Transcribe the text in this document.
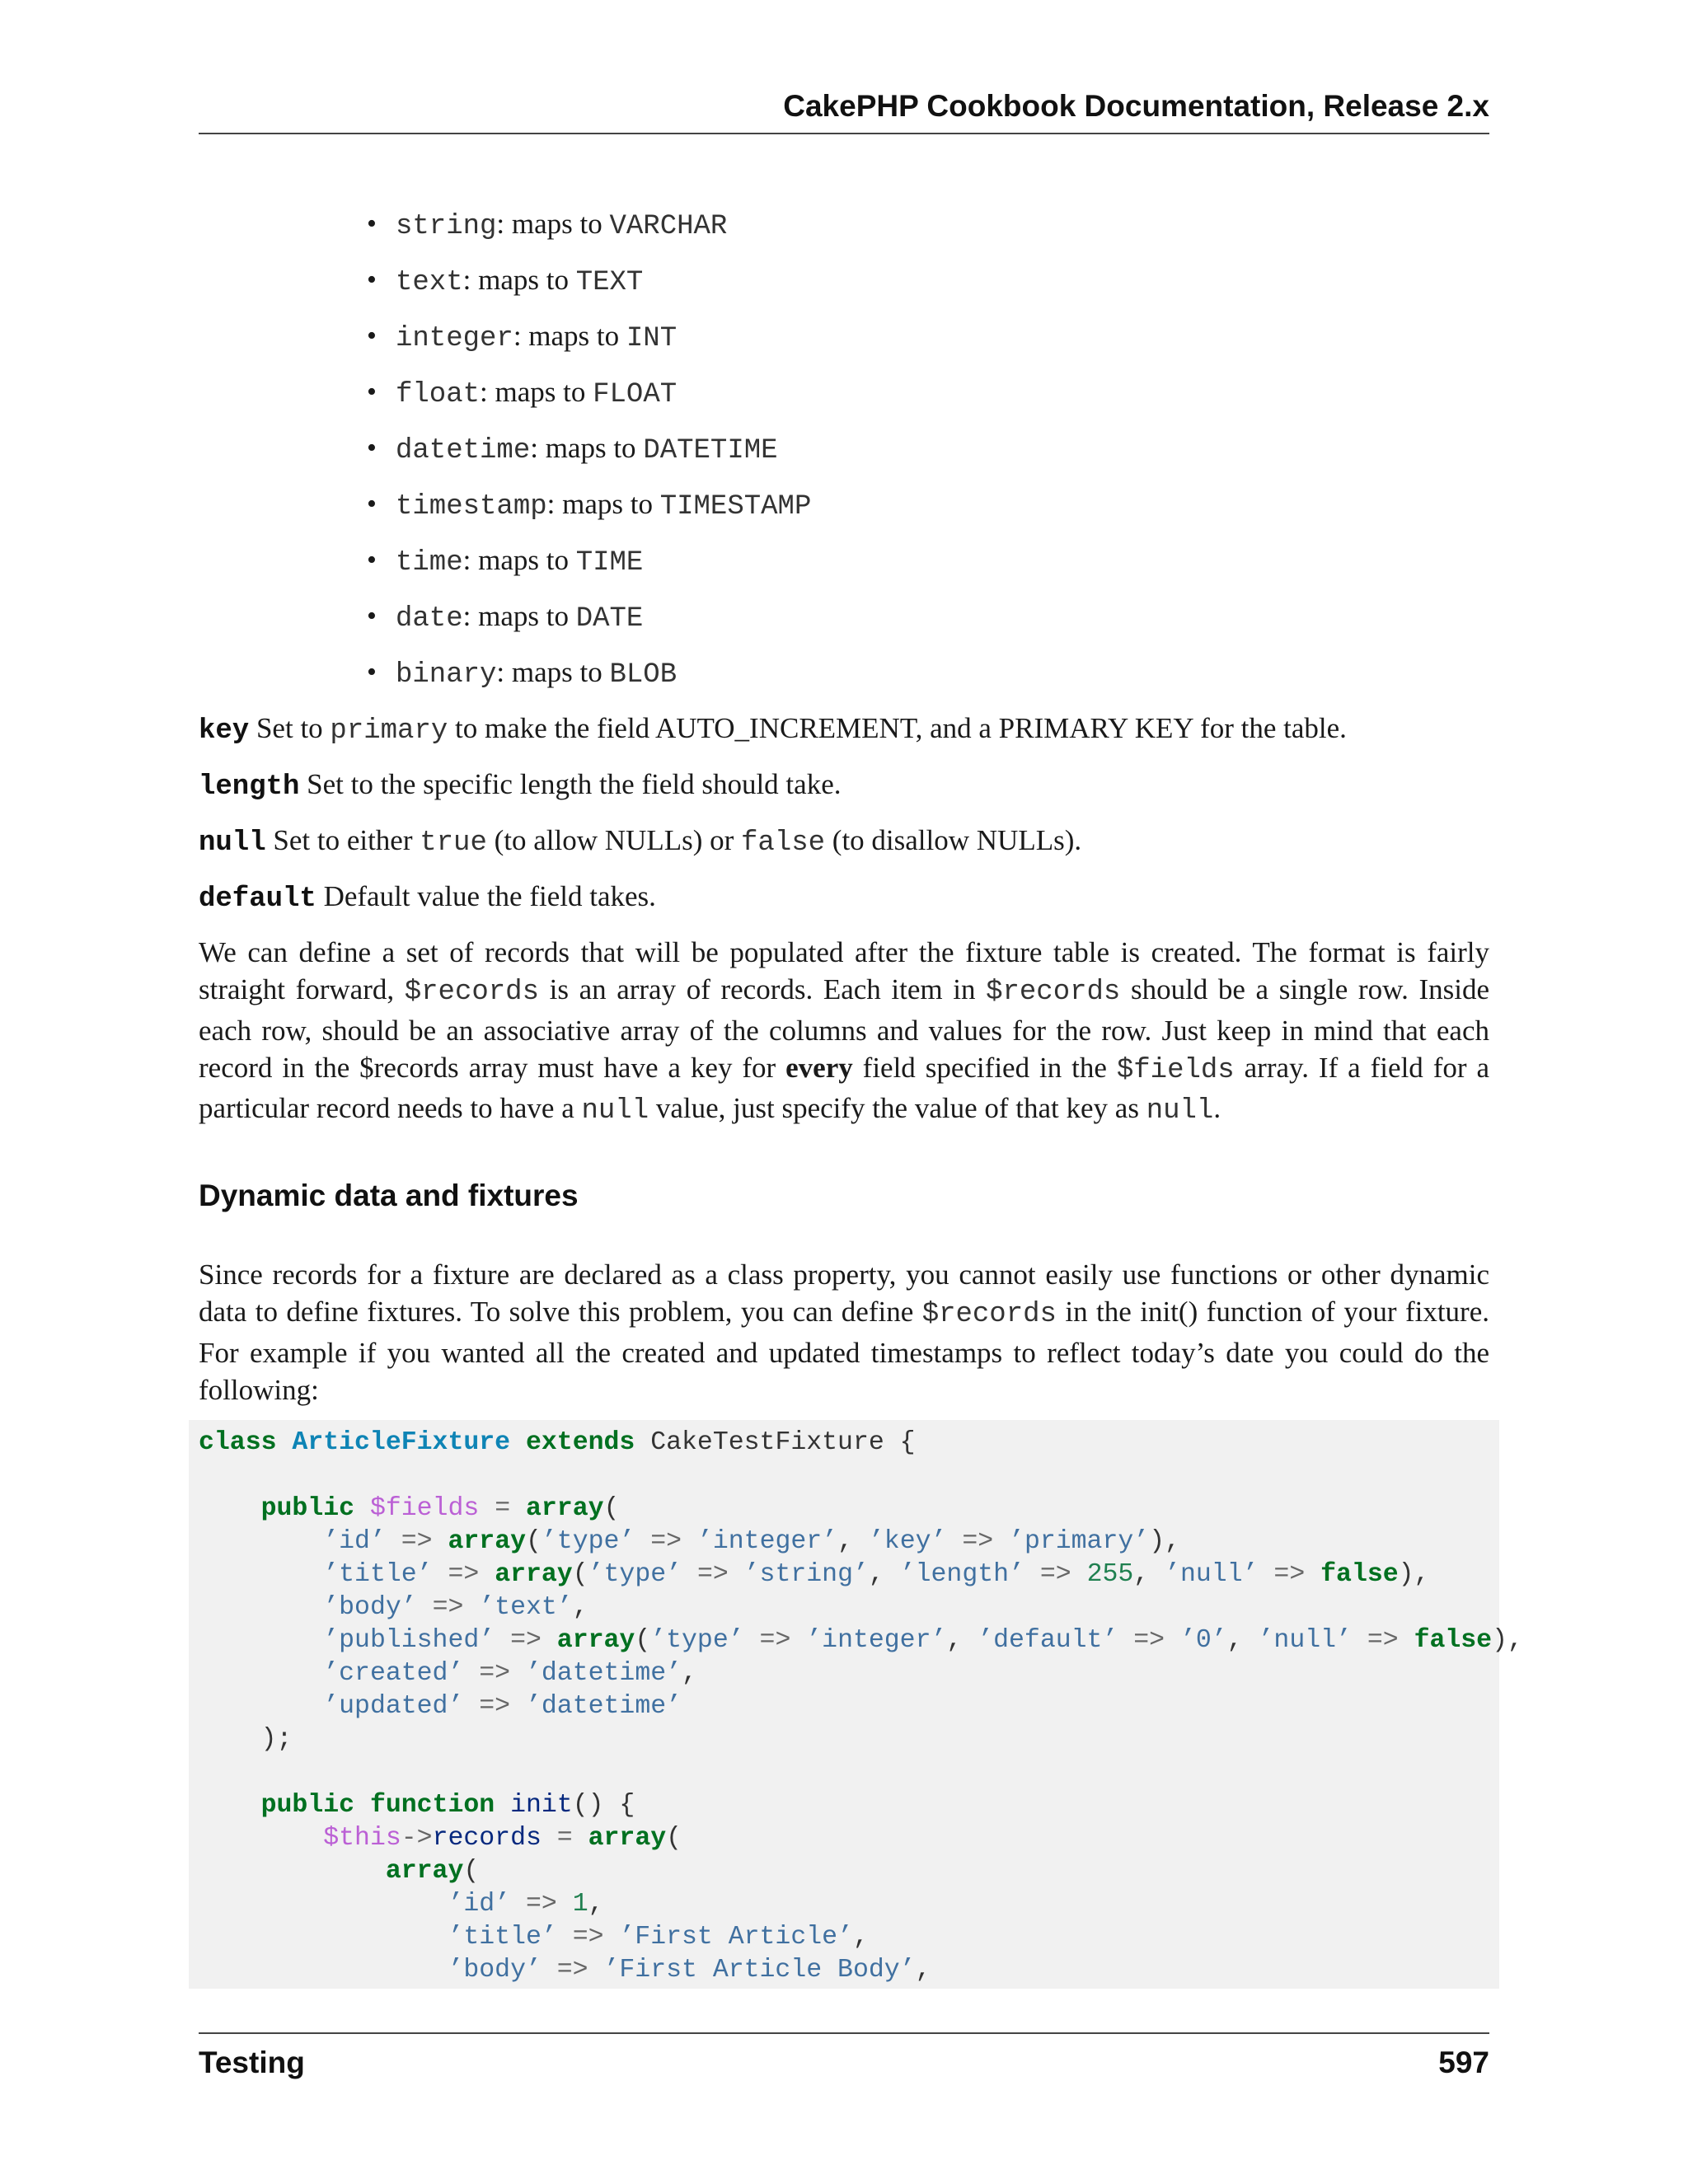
CakePHP Cookbook Documentation, Release 2.x
• string: maps to VARCHAR
• text: maps to TEXT
• integer: maps to INT
• float: maps to FLOAT
• datetime: maps to DATETIME
• timestamp: maps to TIMESTAMP
• time: maps to TIME
• date: maps to DATE
• binary: maps to BLOB
key Set to primary to make the field AUTO_INCREMENT, and a PRIMARY KEY for the table.
length Set to the specific length the field should take.
null Set to either true (to allow NULLs) or false (to disallow NULLs).
default Default value the field takes.
We can define a set of records that will be populated after the fixture table is created. The format is fairly straight forward, $records is an array of records. Each item in $records should be a single row. Inside each row, should be an associative array of the columns and values for the row. Just keep in mind that each record in the $records array must have a key for every field specified in the $fields array. If a field for a particular record needs to have a null value, just specify the value of that key as null.
Dynamic data and fixtures
Since records for a fixture are declared as a class property, you cannot easily use functions or other dynamic data to define fixtures. To solve this problem, you can define $records in the init() function of your fixture. For example if you wanted all the created and updated timestamps to reflect today’s date you could do the following:
class ArticleFixture extends CakeTestFixture {
public $fields = array(
’id’ => array(’type’ => ’integer’, ’key’ => ’primary’),
’title’ => array(’type’ => ’string’, ’length’ => 255, ’null’ => false),
’body’ => ’text’,
’published’ => array(’type’ => ’integer’, ’default’ => ’0’, ’null’ => false),
’created’ => ’datetime’,
’updated’ => ’datetime’
);
public function init() {
$this->records = array(
array(
’id’ => 1,
’title’ => ’First Article’,
’body’ => ’First Article Body’,
Testing	597
